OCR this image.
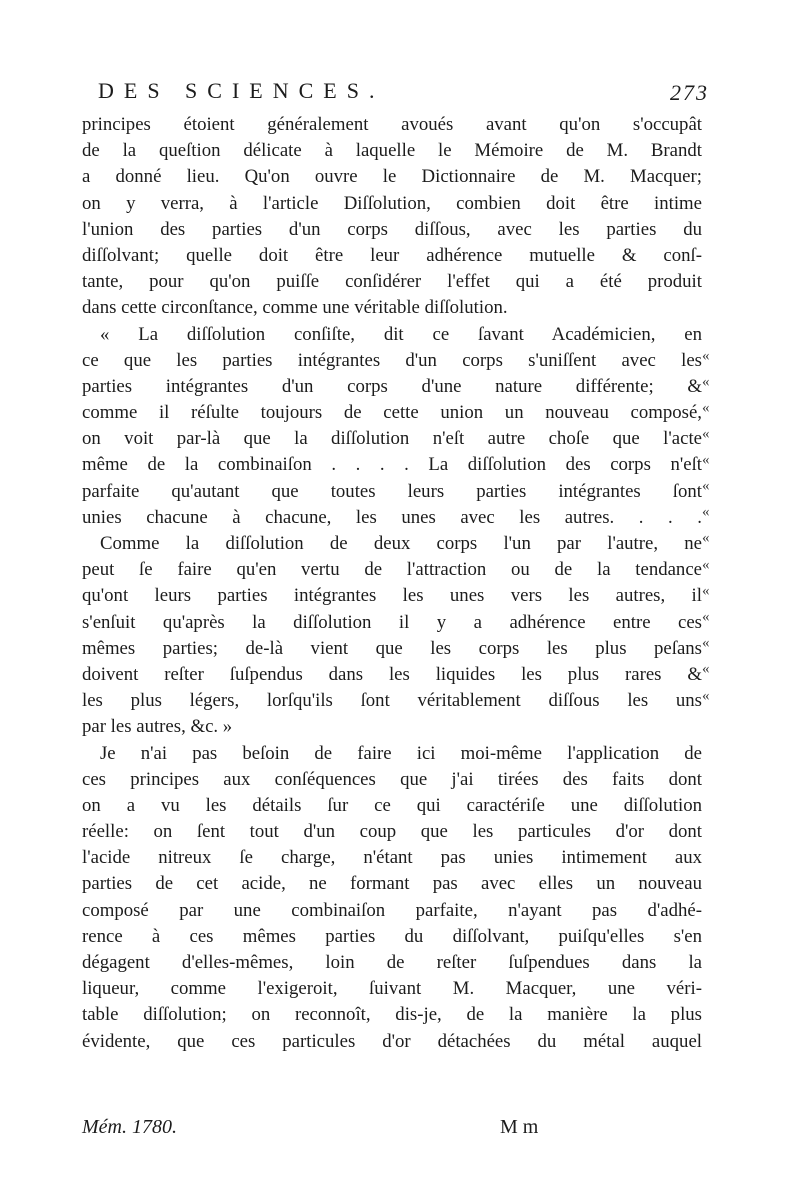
DES SCIENCES.	273
principes étoient généralement avoués avant qu'on s'occupât
de la queſtion délicate à laquelle le Mémoire de M. Brandt
a donné lieu. Qu'on ouvre le Dictionnaire de M. Macquer;
on y verra, à l'article Diſſolution, combien doit être intime
l'union des parties d'un corps diſſous, avec les parties du
diſſolvant; quelle doit être leur adhérence mutuelle & conſ-
tante, pour qu'on puiſſe conſidérer l'effet qui a été produit
dans cette circonſtance, comme une véritable diſſolution.
« La diſſolution conſiſte, dit ce ſavant Académicien, en
ce que les parties intégrantes d'un corps s'uniſſent avec les
parties intégrantes d'un corps d'une nature différente; &
comme il réſulte toujours de cette union un nouveau composé,
on voit par-là que la diſſolution n'eſt autre choſe que l'acte
même de la combinaiſon . . . . La diſſolution des corps n'eſt
parfaite qu'autant que toutes leurs parties intégrantes ſont
unies chacune à chacune, les unes avec les autres. . . .
Comme la diſſolution de deux corps l'un par l'autre, ne
peut ſe faire qu'en vertu de l'attraction ou de la tendance
qu'ont leurs parties intégrantes les unes vers les autres, il
s'enſuit qu'après la diſſolution il y a adhérence entre ces
mêmes parties; de-là vient que les corps les plus peſans
doivent reſter ſuſpendus dans les liquides les plus rares &
les plus légers, lorſqu'ils ſont véritablement diſſous les uns
par les autres, &c. »
Je n'ai pas beſoin de faire ici moi-même l'application de
ces principes aux conſéquences que j'ai tirées des faits dont
on a vu les détails ſur ce qui caractériſe une diſſolution
réelle: on ſent tout d'un coup que les particules d'or dont
l'acide nitreux ſe charge, n'étant pas unies intimement aux
parties de cet acide, ne formant pas avec elles un nouveau
composé par une combinaiſon parfaite, n'ayant pas d'adhé-
rence à ces mêmes parties du diſſolvant, puiſqu'elles s'en
dégagent d'elles-mêmes, loin de reſter ſuſpendues dans la
liqueur, comme l'exigeroit, ſuivant M. Macquer, une véri-
table diſſolution; on reconnoît, dis-je, de la manière la plus
évidente, que ces particules d'or détachées du métal auquel
«
«
«
«
«
«
«
«
«
«
«
«
«
«
Mém. 1780.	M m
